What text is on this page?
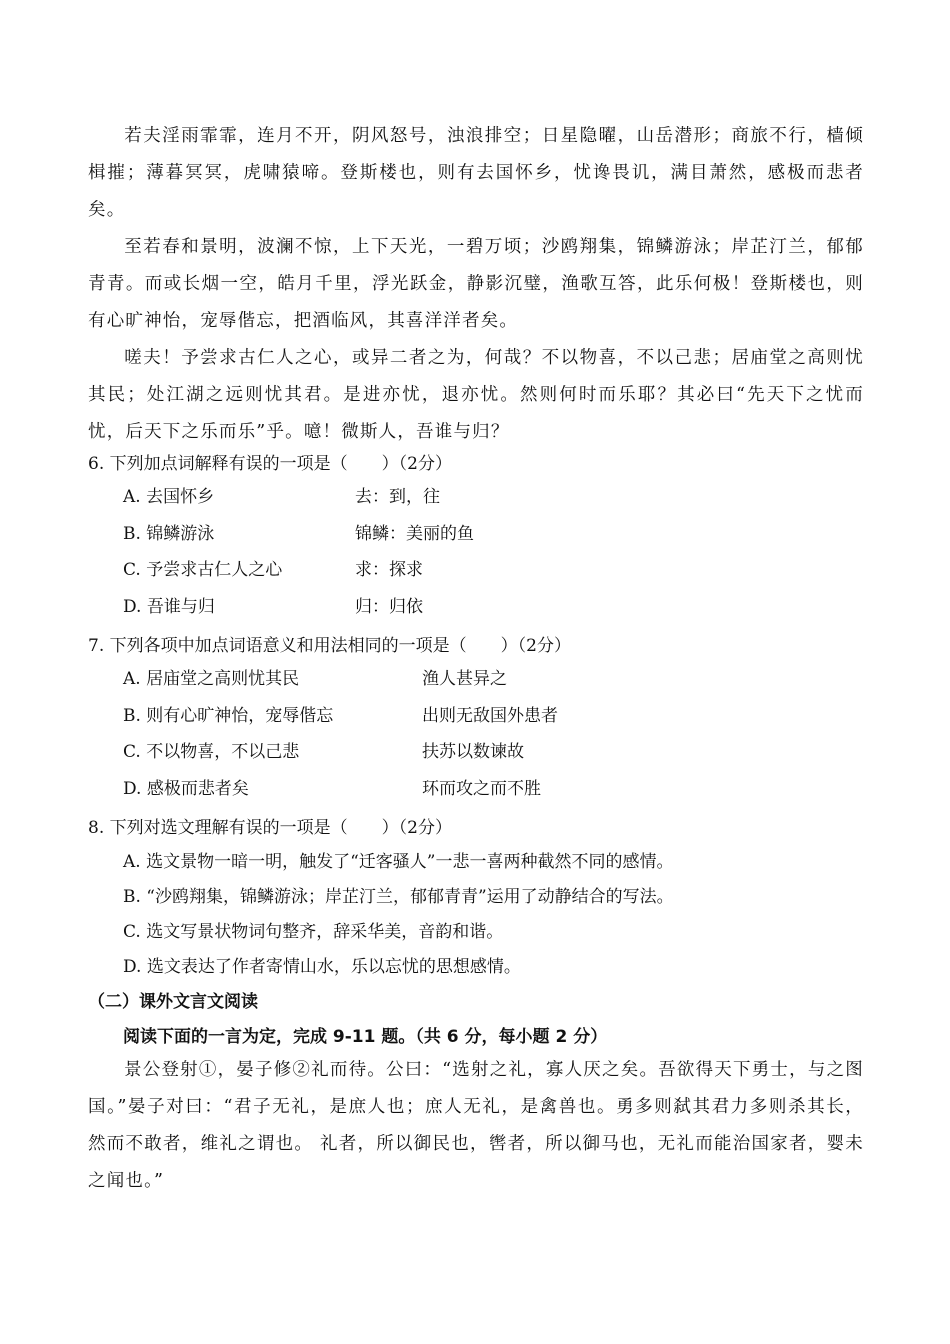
若夫淫雨霏霏，连月不开，阴风怒号，浊浪排空；日星隐曜，山岳潜形；商旅不行，樯倾楫摧；薄暮冥冥，虎啸猿啼。登斯楼也，则有去国怀乡，忧谗畏讥，满目萧然，感极而悲者矣。
至若春和景明，波澜不惊，上下天光，一碧万顷；沙鸥翔集，锦鳞游泳；岸芷汀兰，郁郁青青。而或长烟一空，皓月千里，浮光跃金，静影沉璧，渔歌互答，此乐何极！登斯楼也，则有心旷神怡，宠辱偕忘，把酒临风，其喜洋洋者矣。
嗟夫！予尝求古仁人之心，或异二者之为，何哉？不以物喜，不以己悲；居庙堂之高则忧其民；处江湖之远则忧其君。是进亦忧，退亦忧。然则何时而乐耶？其必曰“先天下之忧而忧，后天下之乐而乐”乎。噫！微斯人，吾谁与归？
6. 下列加点词解释有误的一项是（　　）（2分）
A. 去国怀乡	去：到，往
B. 锦鳞游泳	锦鳞：美丽的鱼
C. 予尝求古仁人之心	求：探求
D. 吾谁与归	归：归依
7. 下列各项中加点词语意义和用法相同的一项是（　　）（2分）
A. 居庙堂之高则忧其民	渔人甚异之
B. 则有心旷神怡，宠辱偕忘	出则无敌国外患者
C. 不以物喜，不以己悲	扶苏以数谏故
D. 感极而悲者矣	环而攻之而不胜
8. 下列对选文理解有误的一项是（　　）（2分）
A. 选文景物一暗一明，触发了“迁客骚人”一悲一喜两种截然不同的感情。
B. “沙鸥翔集，锦鳞游泳；岸芷汀兰，郁郁青青”运用了动静结合的写法。
C. 选文写景状物词句整齐，辞采华美，音韵和谐。
D. 选文表达了作者寄情山水，乐以忘忧的思想感情。
（二）课外文言文阅读
阅读下面的一言为定，完成 9-11 题。（共 6 分，每小题 2 分）
景公登射①，晏子修②礼而待。公曰：“选射之礼，寡人厌之矣。吾欲得天下勇士，与之图国。”晏子对曰：“君子无礼，是庶人也；庶人无礼，是禽兽也。勇多则弑其君力多则杀其长，然而不敢者，维礼之谓也。 礼者，所以御民也，辔者，所以御马也，无礼而能治国家者，婴未之闻也。”
